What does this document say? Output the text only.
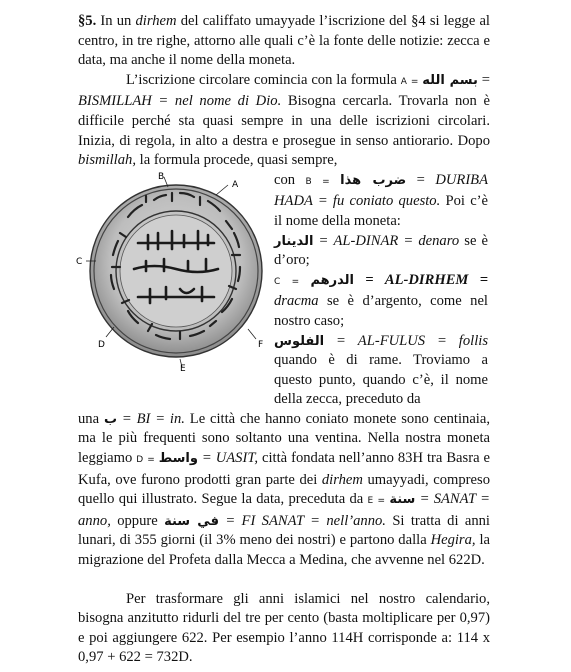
§5. In un dirhem del califfato umayyade l’iscrizione del §4 si legge al centro, in tre righe, attorno alle quali c’è la fonte delle notizie: zecca e data, ma anche il nome della moneta.

L’iscrizione circolare comincia con la formula A = بسم الله = BISMILLAH = nel nome di Dio. Bisogna cercarla. Trovarla non è difficile perché sta quasi sempre in una delle iscrizioni circolari. Inizia, di regola, in alto a destra e prosegue in senso antiorario. Dopo bismillah, la formula procede, quasi sempre,

A
B
C
D
E
F

con B = ضرب هذا = DURIBA HADA = fu coniato questo. Poi c’è il nome della moneta:

الدينار = AL-DINAR = denaro se è d’oro;

C = الدرهم = AL-DIRHEM = dracma se è d’argento, come nel nostro caso;

الفلوس = AL-FULUS = follis quando è di rame. Troviamo a questo punto, quando c’è, il nome della zecca, preceduto da

una ب = BI = in. Le città che hanno coniato monete sono centinaia, ma le più frequenti sono soltanto una ventina. Nella nostra moneta leggiamo D = واسط = UASIT, città fondata nell’anno 83H tra Basra e Kufa, ove furono prodotti gran parte dei dirhem umayyadi, compreso quello qui illustrato. Segue la data, preceduta da E = سنة = SANAT = anno, oppure في سنة = FI SANAT = nell’anno. Si tratta di anni lunari, di 355 giorni (il 3% meno dei nostri) e partono dalla Hegira, la migrazione del Profeta dalla Mecca a Medina, che avvenne nel 622D.

Per trasformare gli anni islamici nel nostro calendario, bisogna anzitutto ridurli del tre per cento (basta moltiplicare per 0,97) e poi aggiungere 622. Per esempio l’anno 114H corrisponde a: 114 x 0,97 + 622 = 732D.
